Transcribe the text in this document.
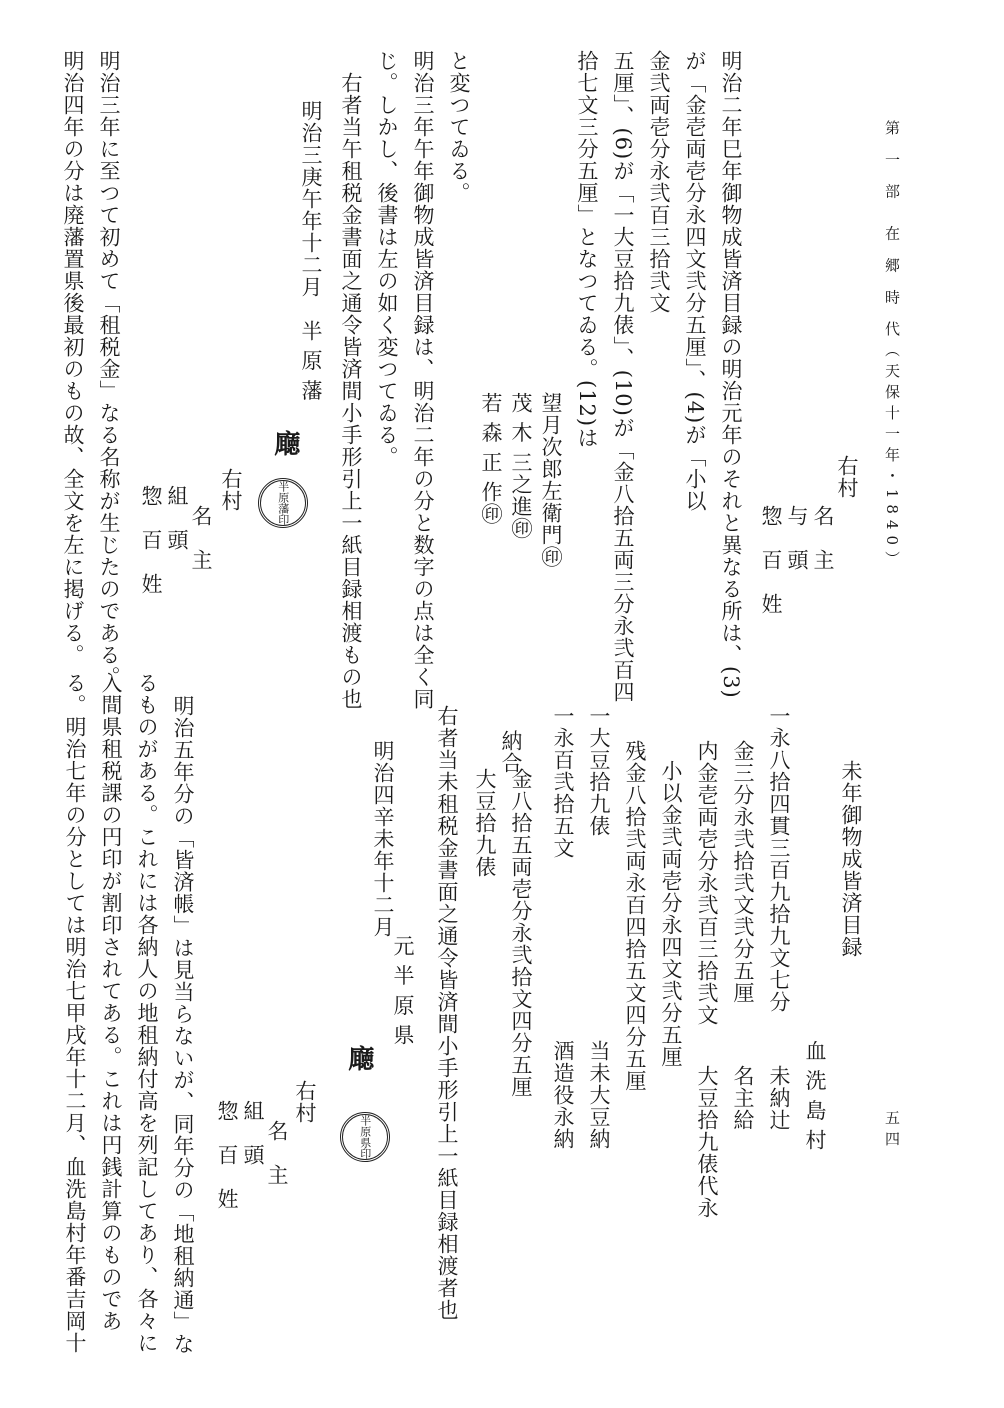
第 一 部　在 郷 時 代（天保十一年・1840）
五四
右村
名　主
与　頭
惣　百　姓
明治二年巳年御物成皆済目録の明治元年のそれと異なる所は、(3)
が「金壱両壱分永四文弐分五厘」、(4)が「小以
金弐両壱分永弐百三拾弐文
五厘」、(6)が「一大豆拾九俵」、(10)が「金八拾五両三分永弐百四
拾七文三分五厘」となつてゐる。(12)は
望月次郎左衛門㊞
茂 木 三之進㊞
若 森 正 作㊞
と変つてゐる。
明治三年午年御物成皆済目録は、明治二年の分と数字の点は全く同
じ。しかし、後書は左の如く変つてゐる。
右者当午租税金書面之通令皆済間小手形引上一紙目録相渡もの也
明治三庚午年十二月
半 原 藩
廰
半原藩印
右村
名　主
組　頭
惣　百　姓
明治三年に至つて初めて「租税金」なる名称が生じたのである。
明治四年の分は廃藩置県後最初のもの故、全文を左に掲げる。
未年御物成皆済目録
血 洗 島 村
一永八拾四貫三百九拾九文七分
未納辻
金三分永弐拾弐文弐分五厘
名主給
内金壱両壱分永弐百三拾弐文
大豆拾九俵代永
小以金弐両壱分永四文弐分五厘
残金八拾弐両永百四拾五文四分五厘
一大豆拾九俵
当未大豆納
一永百弐拾五文
酒造役永納
納合
金八拾五両壱分永弐拾文四分五厘
大豆拾九俵
右者当未租税金書面之通令皆済間小手形引上一紙目録相渡者也
明治四辛未年十二月
元 半 原 県
廰
半原県印
右村
名　主
組　頭
惣　百　姓
明治五年分の「皆済帳」は見当らないが、同年分の「地租納通」な
るものがある。これには各納人の地租納付高を列記してあり、各々に
入間県租税課の円印が割印されてある。これは円銭計算のものであ
る。明治七年の分としては明治七甲戌年十二月、血洗島村年番吉岡十
